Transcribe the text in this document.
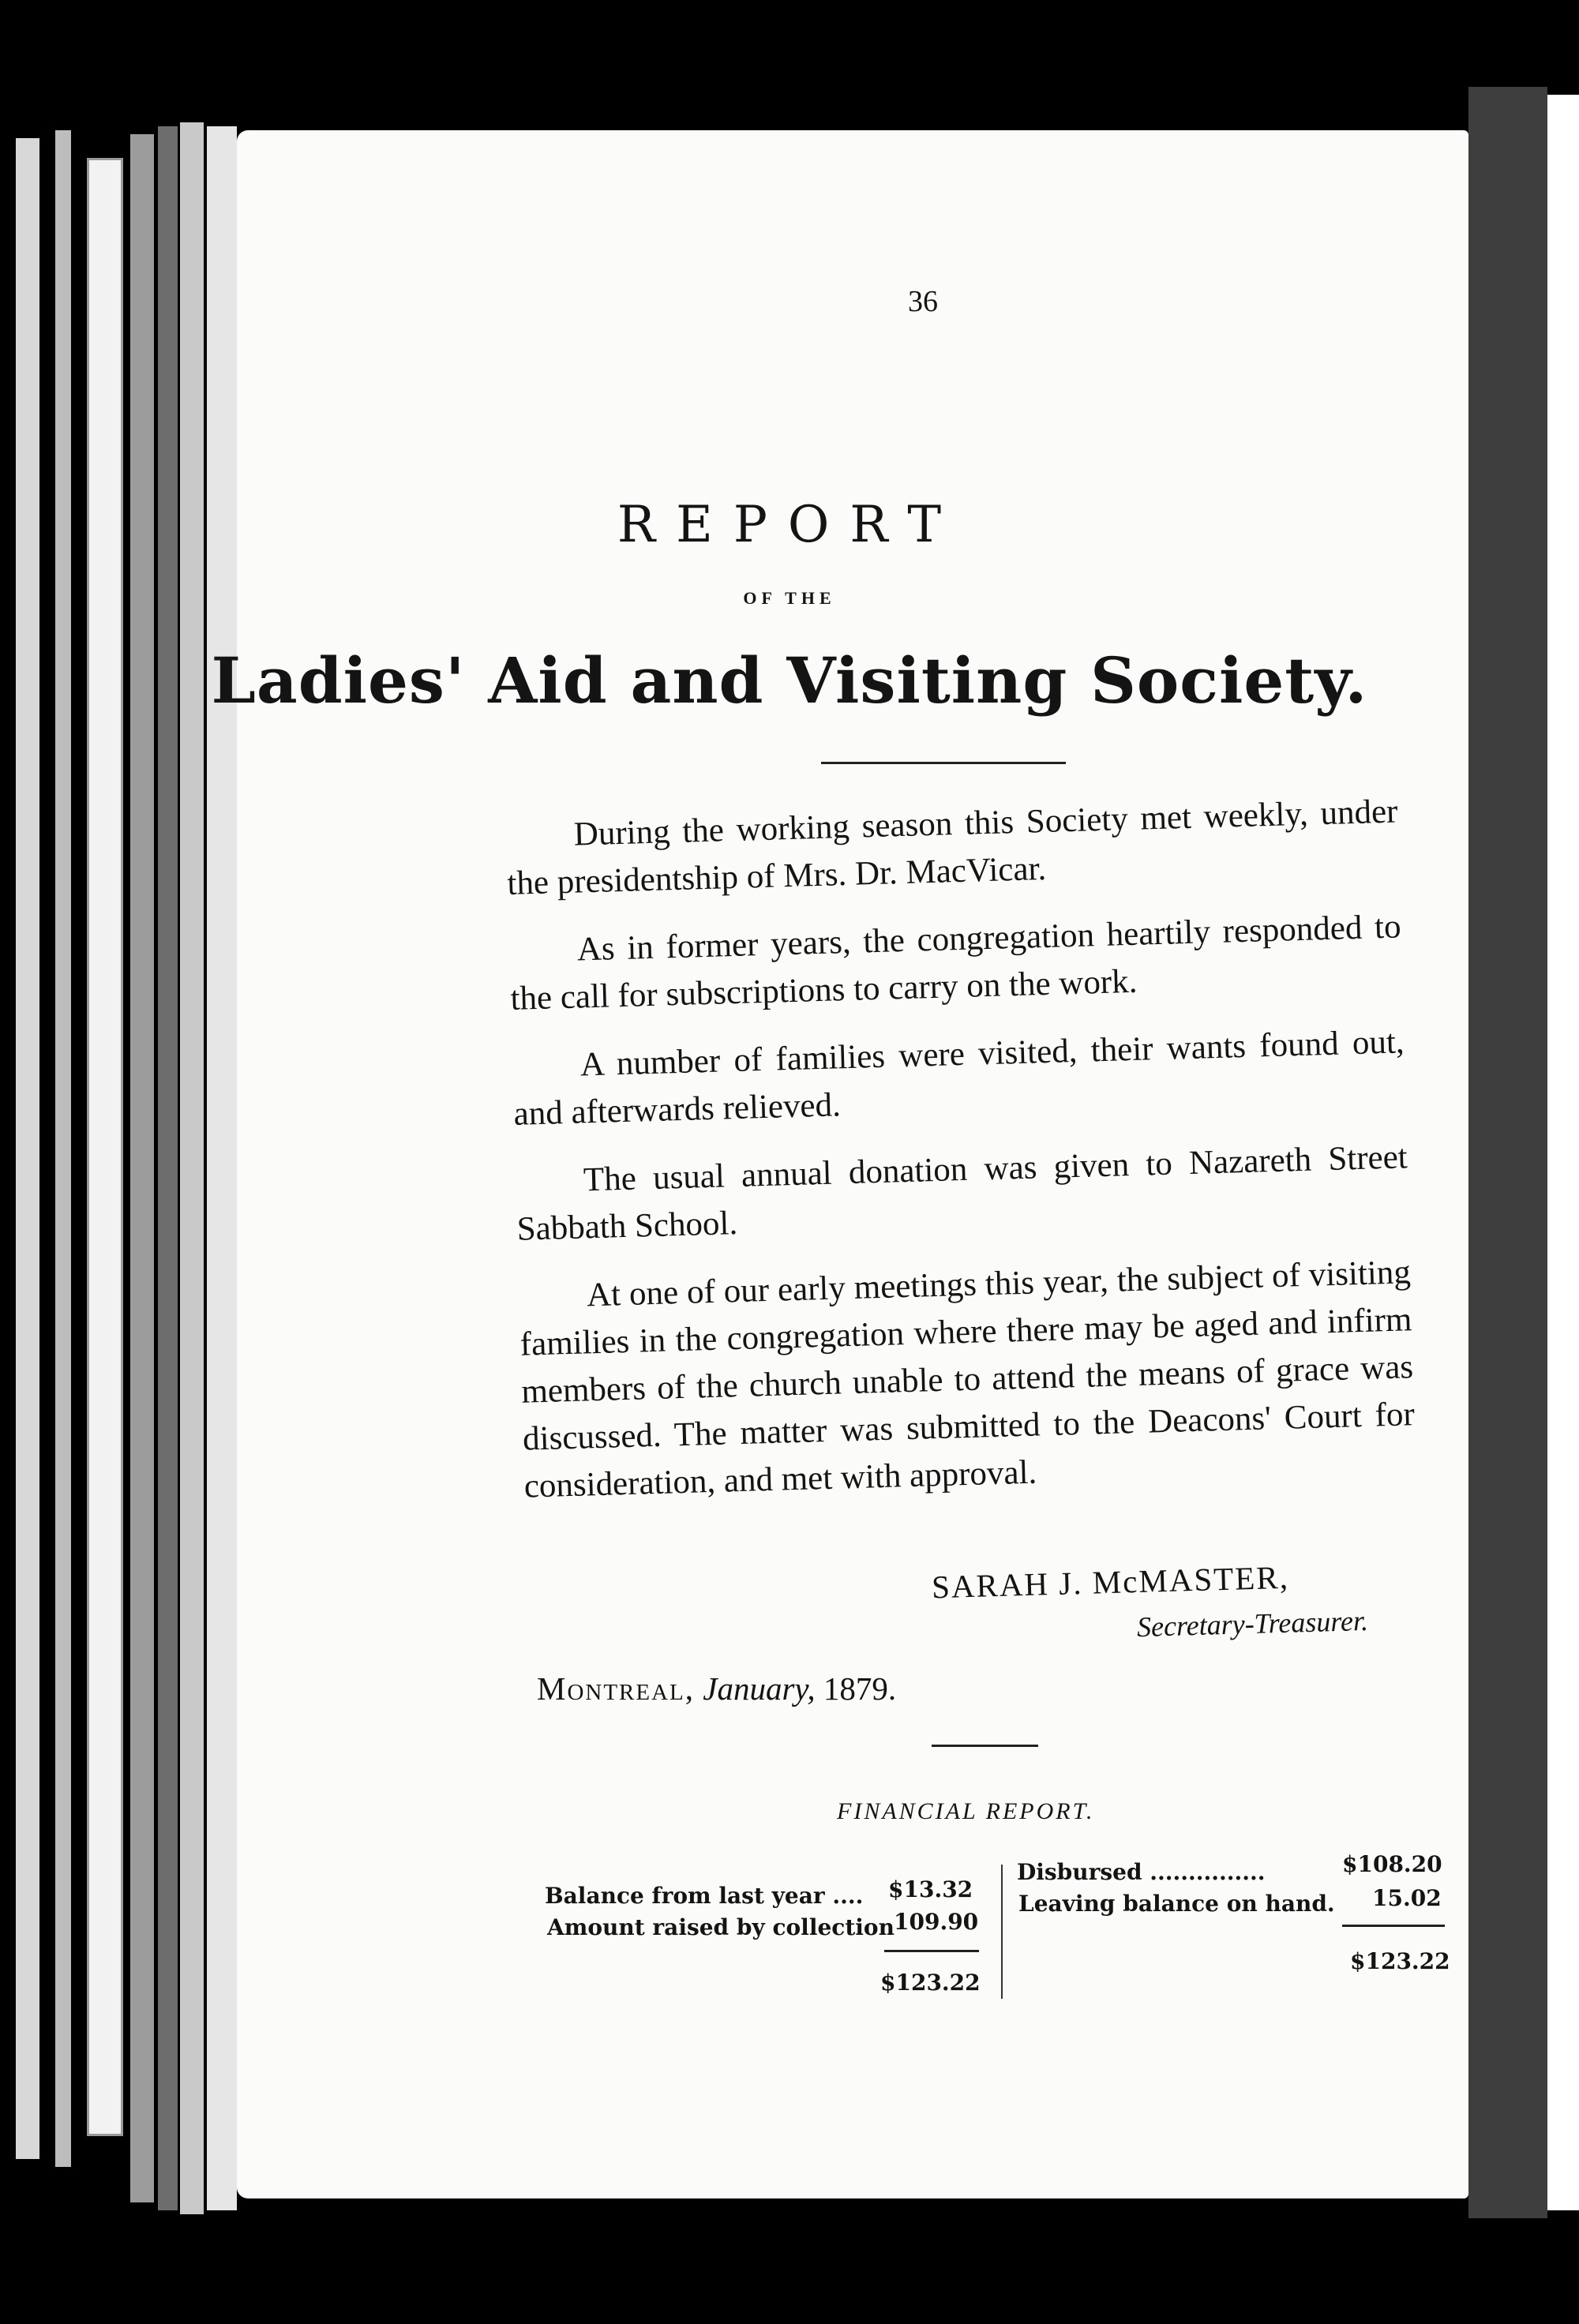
36
REPORT
OF THE
Ladies' Aid and Visiting Society.

During the working season this Society met weekly, under the presidentship of Mrs. Dr. MacVicar.

As in former years, the congregation heartily responded to the call for subscriptions to carry on the work.

A number of families were visited, their wants found out, and afterwards relieved.

The usual annual donation was given to Nazareth Street Sabbath School.

At one of our early meetings this year, the subject of visiting families in the congregation where there may be aged and infirm members of the church unable to attend the means of grace was discussed. The matter was submitted to the Deacons' Court for consideration, and met with approval.

SARAH J. McMASTER,
Secretary-Treasurer.
Montreal, January, 1879.
FINANCIAL REPORT.
Balance from last year .... $13.32
Amount raised by collection 109.90
$123.22
Disbursed ...............	$108.20
Leaving balance on hand. 15.02
$123.22
